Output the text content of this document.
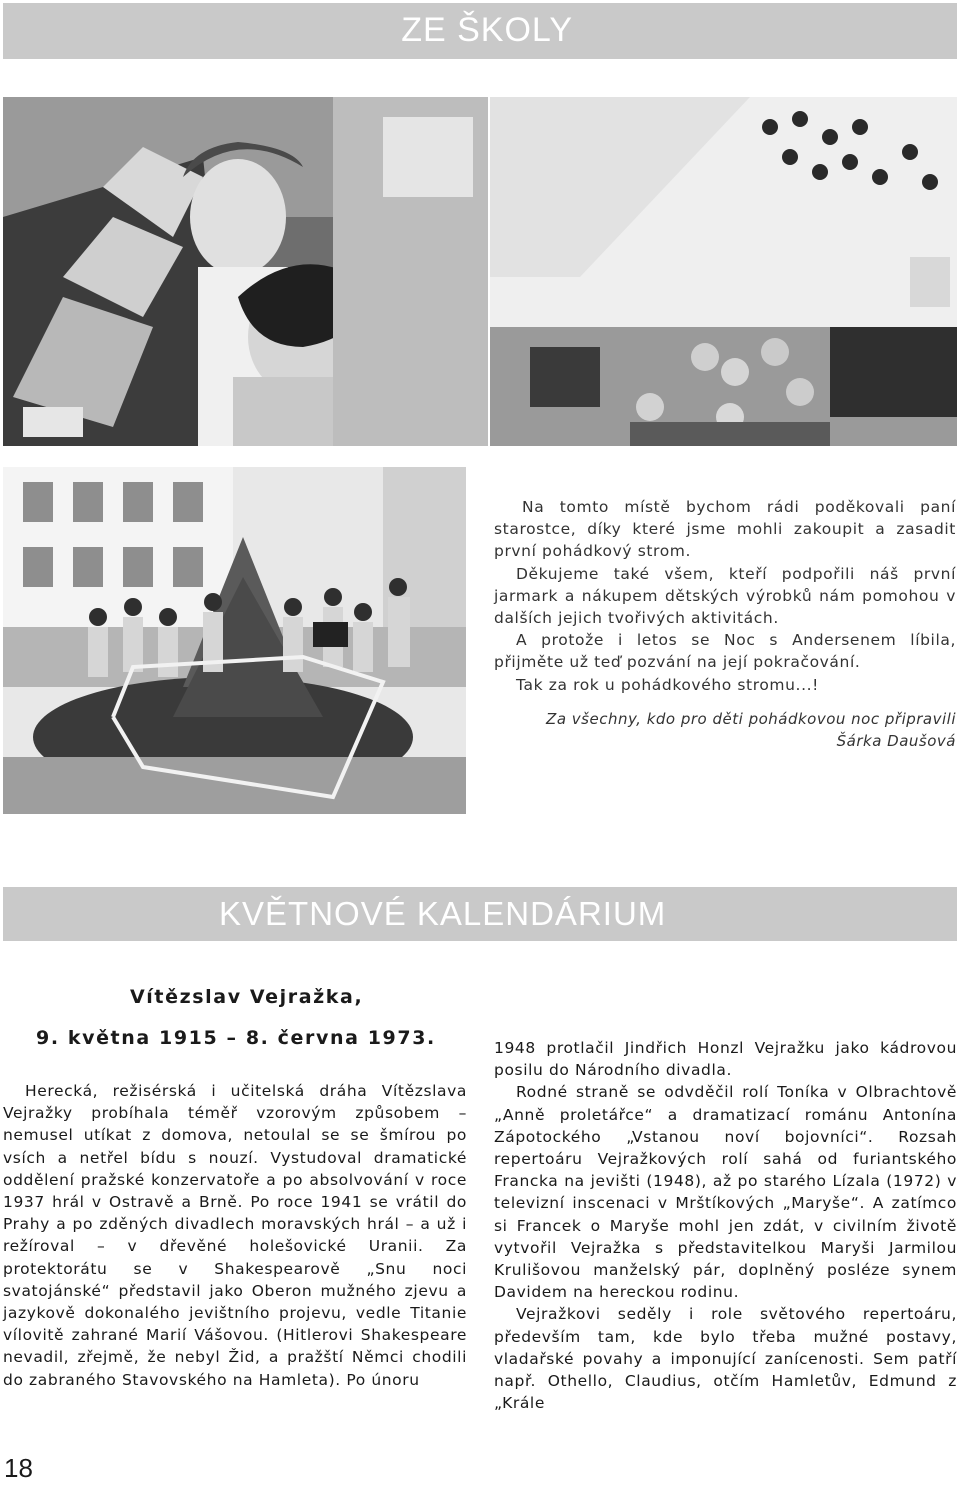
ZE ŠKOLY

Na tomto místě bychom rádi poděkovali paní starostce, díky které jsme mohli zakoupit a zasadit první pohádkový strom.

Děkujeme také všem, kteří podpořili náš první jarmark a nákupem dětských výrobků nám pomohou v dalších jejich tvořivých aktivitách.

A protože i letos se Noc s Andersenem líbila, přijměte už teď pozvání na její pokračování.

Tak za rok u pohádkového stromu...!

Za všechny, kdo pro děti pohádkovou noc připravili
Šárka Daušová
KVĚTNOVÉ KALENDÁRIUM
Vítězslav Vejražka,
9. května 1915 – 8. června 1973.

Herecká, režisérská i učitelská dráha Vítězslava Vejražky probíhala téměř vzorovým způsobem – nemusel utíkat z domova, netoulal se se šmírou po vsích a netřel bídu s nouzí. Vystudoval dramatické oddělení pražské konzervatoře a po absolvování v roce 1937 hrál v Ostravě a Brně. Po roce 1941 se vrátil do Prahy a po zděných divadlech moravských hrál – a už i režíroval – v dřevěné holešovické Uranii. Za protektorátu se v Shakespearově „Snu noci svatojánské“ představil jako Oberon mužného zjevu a jazykově dokonalého jevištního projevu, vedle Titanie vílovitě zahrané Marií Vášovou. (Hitlerovi Shakespeare nevadil, zřejmě, že nebyl Žid, a pražští Němci chodili do zabraného Stavovského na Hamleta). Po únoru

1948 protlačil Jindřich Honzl Vejražku jako kádrovou posilu do Národního divadla.

Rodné straně se odvděčil rolí Toníka v Olbrachtově „Anně proletářce“ a dramatizací románu Antonína Zápotockého „Vstanou noví bojovníci“. Rozsah repertoáru Vejražkových rolí sahá od furiantského Francka na jevišti (1948), až po starého Lízala (1972) v televizní inscenaci v Mrštíkových „Maryše“. A zatímco si Francek o Maryše mohl jen zdát, v civilním životě vytvořil Vejražka s představitelkou Maryši Jarmilou Krulišovou manželský pár, doplněný posléze synem Davidem na hereckou rodinu.

Vejražkovi seděly i role světového repertoáru, především tam, kde bylo třeba mužné postavy, vladařské povahy a imponující zanícenosti. Sem patří např. Othello, Claudius, otčím Hamletův, Edmund z „Krále

18
